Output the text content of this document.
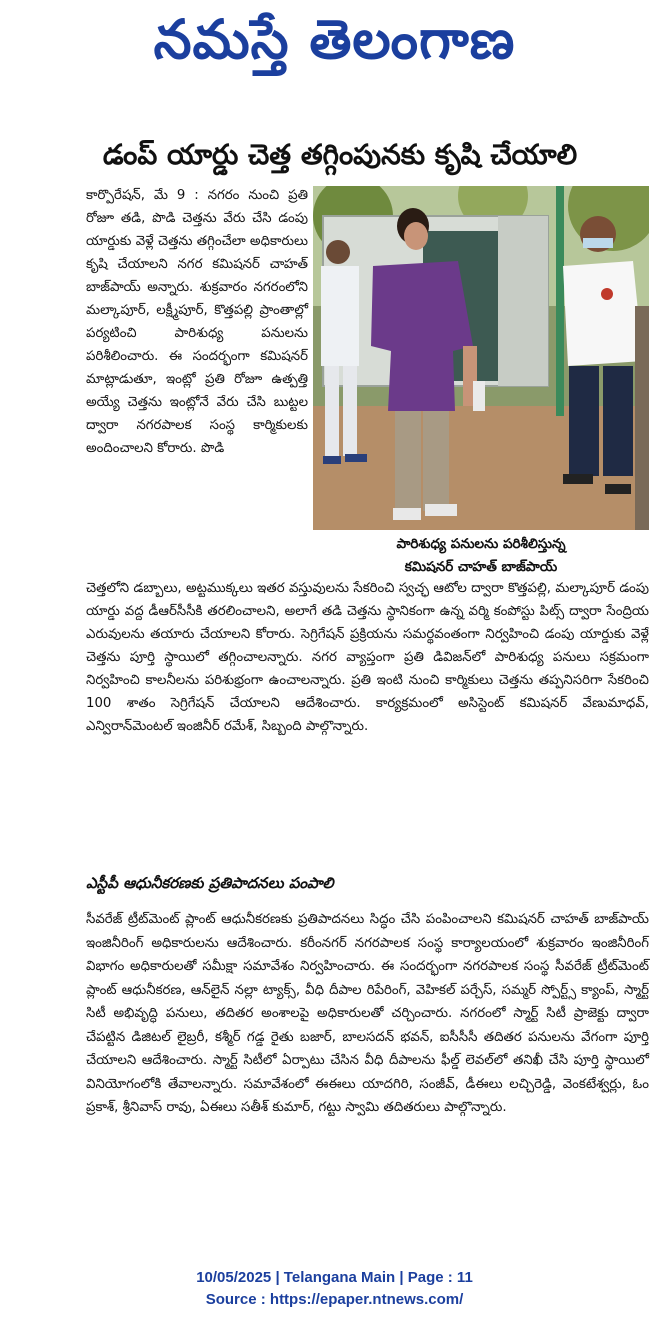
నమస్తే తెలంగాణ
డంప్ యార్డు చెత్త తగ్గింపునకు కృషి చేయాలి

కార్పొరేషన్, మే 9 : నగరం నుంచి ప్రతి రోజూ తడి, పొడి చెత్తను వేరు చేసి డంపు యార్డుకు వెళ్లే చెత్తను తగ్గించేలా అధికారులు కృషి చేయాలని నగర కమిషనర్ చాహత్ బాజ్‌పాయ్ అన్నారు. శుక్రవారం నగరంలోని మల్కాపూర్, లక్ష్మీపూర్, కొత్తపల్లి ప్రాంతాల్లో పర్యటించి పారిశుధ్య పనులను పరిశీలించారు. ఈ సందర్భంగా కమిషనర్ మాట్లాడుతూ, ఇంట్లో ప్రతి రోజూ ఉత్పత్తి అయ్యే చెత్తను ఇంట్లోనే వేరు చేసి బుట్టల ద్వారా నగరపాలక సంస్థ కార్మికులకు అందించాలని కోరారు. పొడి

పారిశుధ్య పనులను పరిశీలిస్తున్న
కమిషనర్ చాహత్ బాజ్‌పాయ్

చెత్తలోని డబ్బాలు, అట్టముక్కలు ఇతర వస్తువులను సేకరించి స్వచ్ఛ ఆటోల ద్వారా కొత్తపల్లి, మల్కాపూర్ డంపు యార్డు వద్ద డీఆర్‌సీసీకి తరలించాలని, అలాగే తడి చెత్తను స్థానికంగా ఉన్న వర్మి కంపోస్టు పిట్స్ ద్వారా సేంద్రియ ఎరువులను తయారు చేయాలని కోరారు. సెగ్రిగేషన్ ప్రక్రియను సమర్థవంతంగా నిర్వహించి డంపు యార్డుకు వెళ్లే చెత్తను పూర్తి స్థాయిలో తగ్గించాలన్నారు. నగర వ్యాప్తంగా ప్రతి డివిజన్‌లో పారిశుధ్య పనులు సక్రమంగా నిర్వహించి కాలనీలను పరిశుభ్రంగా ఉంచాలన్నారు. ప్రతి ఇంటి నుంచి కార్మికులు చెత్తను తప్పనిసరిగా సేకరించి 100 శాతం సెగ్రిగేషన్ చేయాలని ఆదేశించారు. కార్యక్రమంలో అసిస్టెంట్ కమిషనర్ వేణుమాధవ్, ఎన్విరాన్‌మెంటల్ ఇంజినీర్ రమేశ్, సిబ్బంది పాల్గొన్నారు.

ఎస్టీపీ ఆధునీకరణకు ప్రతిపాదనలు పంపాలి

సీవరేజ్ ట్రీట్‌మెంట్ ప్లాంట్ ఆధునీకరణకు ప్రతిపాదనలు సిద్ధం చేసి పంపించాలని కమిషనర్ చాహత్ బాజ్‌పాయ్ ఇంజినీరింగ్ అధికారులను ఆదేశించారు. కరీంనగర్ నగరపాలక సంస్థ కార్యాలయంలో శుక్రవారం ఇంజినీరింగ్ విభాగం అధికారులతో సమీక్షా సమావేశం నిర్వహించారు. ఈ సందర్భంగా నగరపాలక సంస్థ సీవరేజ్ ట్రీట్‌మెంట్ ప్లాంట్ ఆధునీకరణ, ఆన్‌లైన్ నల్లా ట్యాక్స్, వీధి దీపాల రిపేరింగ్, వెహికల్ పర్చేస్, సమ్మర్ స్పోర్ట్స్ క్యాంప్, స్మార్ట్ సిటీ అభివృద్ధి పనులు, తదితర అంశాలపై అధికారులతో చర్చించారు. నగరంలో స్మార్ట్ సిటీ ప్రాజెక్టు ద్వారా చేపట్టిన డిజిటల్ లైబ్రరీ, కశ్మీర్ గడ్డ రైతు బజార్, బాలసదన్ భవన్, ఐసీసీసీ తదితర పనులను వేగంగా పూర్తి చేయాలని ఆదేశించారు. స్మార్ట్ సిటీలో ఏర్పాటు చేసిన వీధి దీపాలను ఫీల్డ్ లెవల్‌లో తనిఖీ చేసి పూర్తి స్థాయిలో వినియోగంలోకి తేవాలన్నారు. సమావేశంలో ఈఈలు యాదగిరి, సంజీవ్, డీఈలు లచ్చిరెడ్డి, వెంకటేశ్వర్లు, ఓం ప్రకాశ్, శ్రీనివాస్ రావు, ఏఈలు సతీశ్ కుమార్, గట్టు స్వామి తదితరులు పాల్గొన్నారు.

10/05/2025 | Telangana Main | Page : 11
Source : https://epaper.ntnews.com/
